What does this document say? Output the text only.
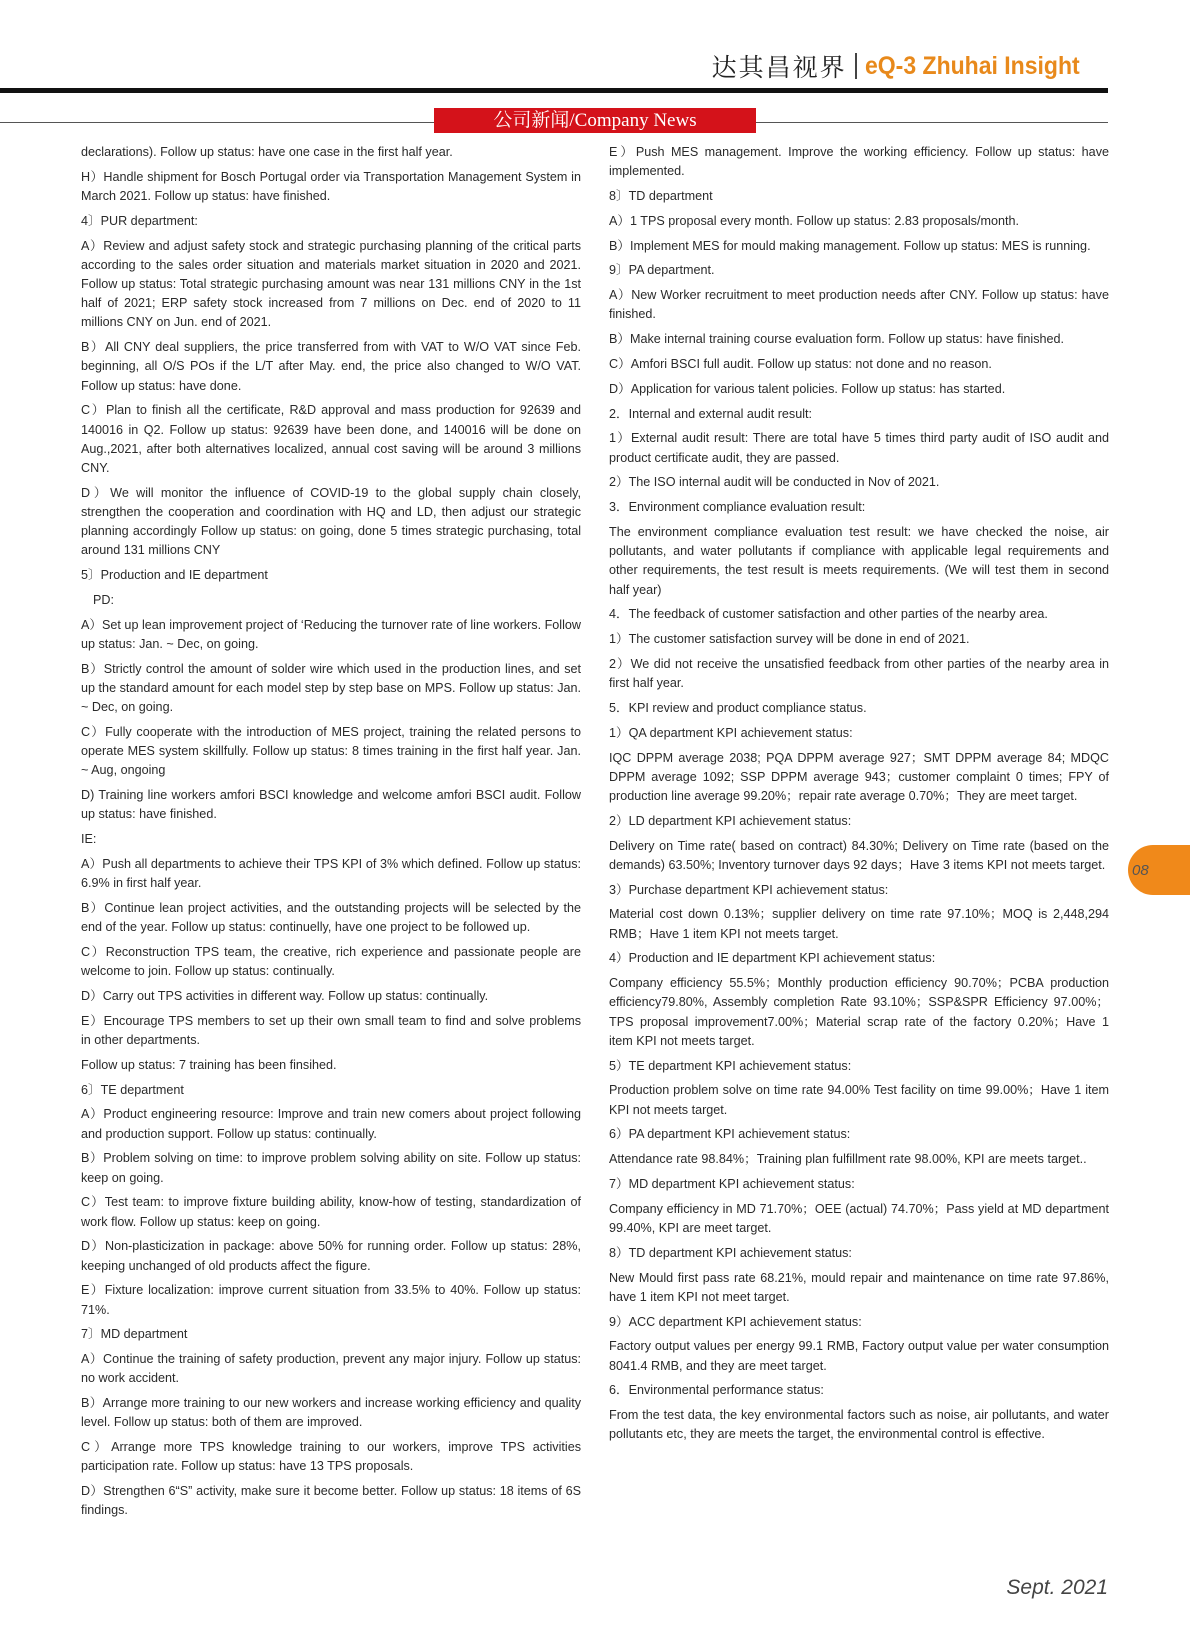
达其昌视界 eQ-3 Zhuhai Insight
公司新闻/Company News

declarations). Follow up status: have one case in the first half year.

H）Handle shipment for Bosch Portugal order via Transportation Management System in March 2021. Follow up status: have finished.

4〕PUR department:

A）Review and adjust safety stock and strategic purchasing planning of the critical parts according to the sales order situation and materials market situation in 2020 and 2021. Follow up status: Total strategic purchasing amount was near 131 millions CNY in the 1st half of 2021; ERP safety stock increased from 7 millions on Dec. end of 2020 to 11 millions CNY on Jun. end of 2021.

B）All CNY deal suppliers, the price transferred from with VAT to W/O VAT since Feb. beginning, all O/S POs if the L/T after May. end, the price also changed to W/O VAT. Follow up status: have done.

C）Plan to finish all the certificate, R&D approval and mass production for 92639 and 140016 in Q2. Follow up status: 92639 have been done, and 140016 will be done on Aug.,2021, after both alternatives localized, annual cost saving will be around 3 millions CNY.

D）We will monitor the influence of COVID-19 to the global supply chain closely, strengthen the cooperation and coordination with HQ and LD, then adjust our strategic planning accordingly Follow up status: on going, done 5 times strategic purchasing, total around 131 millions CNY

5〕Production and IE department

PD:

A）Set up lean improvement project of ‘Reducing the turnover rate of line workers. Follow up status: Jan. ~ Dec, on going.

B）Strictly control the amount of solder wire which used in the production lines, and set up the standard amount for each model step by step base on MPS. Follow up status: Jan. ~ Dec, on going.

C）Fully cooperate with the introduction of MES project, training the related persons to operate MES system skillfully. Follow up status: 8 times training in the first half year. Jan. ~ Aug, ongoing

D) Training line workers amfori BSCI knowledge and welcome amfori BSCI audit. Follow up status: have finished.

IE:

A）Push all departments to achieve their TPS KPI of 3% which defined. Follow up status: 6.9% in first half year.

B）Continue lean project activities, and the outstanding projects will be selected by the end of the year. Follow up status: continuelly, have one project to be followed up.

C）Reconstruction TPS team, the creative, rich experience and passionate people are welcome to join. Follow up status: continually.

D）Carry out TPS activities in different way. Follow up status: continually.

E）Encourage TPS members to set up their own small team to find and solve problems in other departments.

Follow up status: 7 training has been finsihed.

6〕TE department

A）Product engineering resource: Improve and train new comers about project following and production support. Follow up status: continually.

B）Problem solving on time: to improve problem solving ability on site. Follow up status: keep on going.

C）Test team: to improve fixture building ability, know-how of testing, standardization of work flow. Follow up status: keep on going.

D）Non-plasticization in package: above 50% for running order. Follow up status: 28%, keeping unchanged of old products affect the figure.

E）Fixture localization: improve current situation from 33.5% to 40%. Follow up status: 71%.

7〕MD department

A）Continue the training of safety production, prevent any major injury. Follow up status: no work accident.

B）Arrange more training to our new workers and increase working efficiency and quality level. Follow up status: both of them are improved.

C）Arrange more TPS knowledge training to our workers, improve TPS activities participation rate. Follow up status: have 13 TPS proposals.

D）Strengthen 6“S” activity, make sure it become better. Follow up status: 18 items of 6S findings.

E）Push MES management. Improve the working efficiency. Follow up status: have implemented.

8〕TD department

A）1 TPS proposal every month. Follow up status: 2.83 proposals/month.

B）Implement MES for mould making management. Follow up status: MES is running.

9〕PA department.

A）New Worker recruitment to meet production needs after CNY. Follow up status: have finished.

B）Make internal training course evaluation form. Follow up status: have finished.

C）Amfori BSCI full audit. Follow up status: not done and no reason.

D）Application for various talent policies. Follow up status: has started.

2．Internal and external audit result:

1）External audit result: There are total have 5 times third party audit of ISO audit and product certificate audit, they are passed.

2）The ISO internal audit will be conducted in Nov of 2021.

3．Environment compliance evaluation result:

The environment compliance evaluation test result: we have checked the noise, air pollutants, and water pollutants if compliance with applicable legal requirements and other requirements, the test result is meets requirements. (We will test them in second half year)

4．The feedback of customer satisfaction and other parties of the nearby area.

1）The customer satisfaction survey will be done in end of 2021.

2）We did not receive the unsatisfied feedback from other parties of the nearby area in first half year.

5．KPI review and product compliance status.

1）QA department KPI achievement status:

IQC DPPM average 2038; PQA DPPM average 927；SMT DPPM average 84; MDQC DPPM average 1092; SSP DPPM average 943；customer complaint 0 times; FPY of production line average 99.20%；repair rate average 0.70%；They are meet target.

2）LD department KPI achievement status:

Delivery on Time rate( based on contract) 84.30%; Delivery on Time rate (based on the demands) 63.50%; Inventory turnover days 92 days；Have 3 items KPI not meets target.

3）Purchase department KPI achievement status:

Material cost down 0.13%；supplier delivery on time rate 97.10%；MOQ is 2,448,294 RMB；Have 1 item KPI not meets target.

4）Production and IE department KPI achievement status:

Company efficiency 55.5%；Monthly production efficiency 90.70%；PCBA production efficiency79.80%, Assembly completion Rate 93.10%；SSP&SPR Efficiency 97.00%；TPS proposal improvement7.00%；Material scrap rate of the factory 0.20%；Have 1 item KPI not meets target.

5）TE department KPI achievement status:

Production problem solve on time rate 94.00% Test facility on time 99.00%；Have 1 item KPI not meets target.

6）PA department KPI achievement status:

Attendance rate 98.84%；Training plan fulfillment rate 98.00%, KPI are meets target..

7）MD department KPI achievement status:

Company efficiency in MD 71.70%；OEE (actual) 74.70%；Pass yield at MD department 99.40%, KPI are meet target.

8）TD department KPI achievement status:

New Mould first pass rate 68.21%, mould repair and maintenance on time rate 97.86%, have 1 item KPI not meet target.

9）ACC department KPI achievement status:

Factory output values per energy 99.1 RMB, Factory output value per water consumption 8041.4 RMB, and they are meet target.

6．Environmental performance status:

From the test data, the key environmental factors such as noise, air pollutants, and water pollutants etc, they are meets the target, the environmental control is effective.

08
Sept. 2021
